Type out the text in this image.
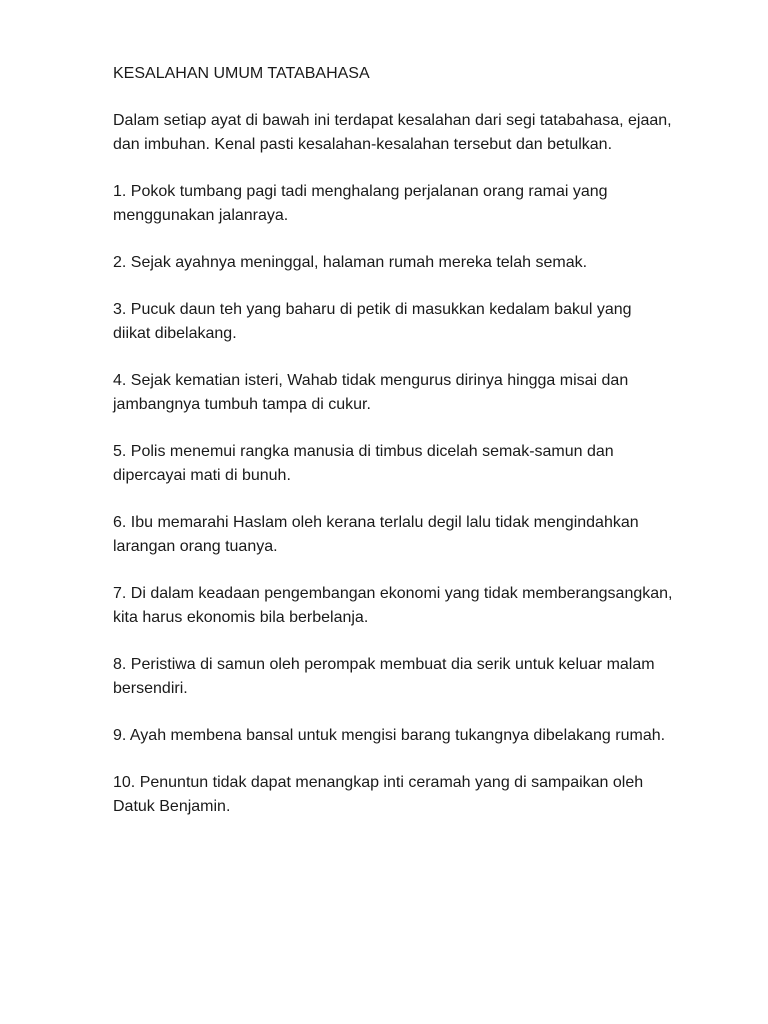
KESALAHAN UMUM TATABAHASA

Dalam setiap ayat di bawah ini terdapat kesalahan dari segi tatabahasa, ejaan, dan imbuhan. Kenal pasti kesalahan-kesalahan tersebut dan betulkan.

1. Pokok tumbang pagi tadi menghalang perjalanan orang ramai yang menggunakan jalanraya.
2. Sejak ayahnya meninggal, halaman rumah mereka telah semak.
3. Pucuk daun teh yang baharu di petik di masukkan kedalam bakul yang diikat dibelakang.
4. Sejak kematian isteri, Wahab tidak mengurus dirinya hingga misai dan jambangnya tumbuh tampa di cukur.
5. Polis menemui rangka manusia di timbus dicelah semak-samun dan dipercayai mati di bunuh.
6. Ibu memarahi Haslam oleh kerana terlalu degil lalu tidak mengindahkan larangan orang tuanya.
7. Di dalam keadaan pengembangan ekonomi yang tidak memberangsangkan, kita harus ekonomis bila berbelanja.
8. Peristiwa di samun oleh perompak membuat dia serik untuk keluar malam bersendiri.
9. Ayah membena bansal untuk mengisi barang tukangnya dibelakang rumah.
10. Penuntun tidak dapat menangkap inti ceramah yang di sampaikan oleh Datuk Benjamin.
